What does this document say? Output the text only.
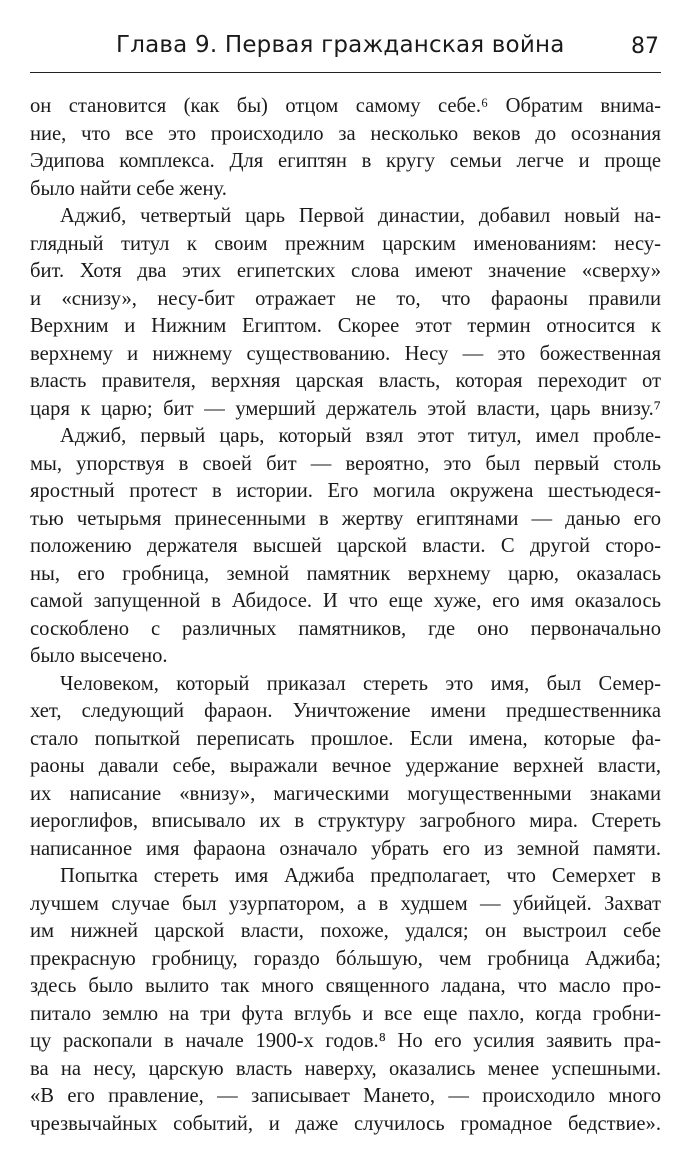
Глава 9. Первая гражданская война	87
он становится (как бы) отцом самому себе.⁶ Обратим внима-
ние, что все это происходило за несколько веков до осознания
Эдипова комплекса. Для египтян в кругу семьи легче и проще
было найти себе жену.
Аджиб, четвертый царь Первой династии, добавил новый на-
глядный титул к своим прежним царским именованиям: несу-
бит. Хотя два этих египетских слова имеют значение «сверху»
и «снизу», несу-бит отражает не то, что фараоны правили
Верхним и Нижним Египтом. Скорее этот термин относится к
верхнему и нижнему существованию. Несу — это божественная
власть правителя, верхняя царская власть, которая переходит от
царя к царю; бит — умерший держатель этой власти, царь внизу.⁷
Аджиб, первый царь, который взял этот титул, имел пробле-
мы, упорствуя в своей бит — вероятно, это был первый столь
яростный протест в истории. Его могила окружена шестьюдеся-
тью четырьмя принесенными в жертву египтянами — данью его
положению держателя высшей царской власти. С другой сторо-
ны, его гробница, земной памятник верхнему царю, оказалась
самой запущенной в Абидосе. И что еще хуже, его имя оказалось
соскоблено с различных памятников, где оно первоначально
было высечено.
Человеком, который приказал стереть это имя, был Семер-
хет, следующий фараон. Уничтожение имени предшественника
стало попыткой переписать прошлое. Если имена, которые фа-
раоны давали себе, выражали вечное удержание верхней власти,
их написание «внизу», магическими могущественными знаками
иероглифов, вписывало их в структуру загробного мира. Стереть
написанное имя фараона означало убрать его из земной памяти.
Попытка стереть имя Аджиба предполагает, что Семерхет в
лучшем случае был узурпатором, а в худшем — убийцей. Захват
им нижней царской власти, похоже, удался; он выстроил себе
прекрасную гробницу, гораздо бóльшую, чем гробница Аджиба;
здесь было вылито так много священного ладана, что масло про-
питало землю на три фута вглубь и все еще пахло, когда гробни-
цу раскопали в начале 1900-х годов.⁸ Но его усилия заявить пра-
ва на несу, царскую власть наверху, оказались менее успешными.
«В его правление, — записывает Мането, — происходило много
чрезвычайных событий, и даже случилось громадное бедствие».
